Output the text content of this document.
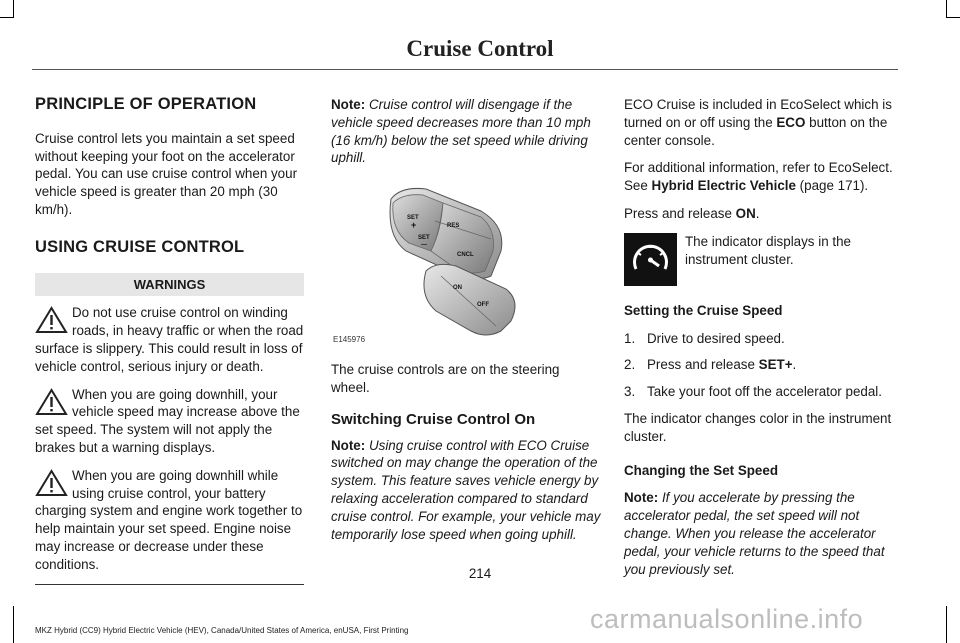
Cruise Control
PRINCIPLE OF OPERATION

Cruise control lets you maintain a set speed without keeping your foot on the accelerator pedal. You can use cruise control when your vehicle speed is greater than 20 mph (30 km/h).

USING CRUISE CONTROL
WARNINGS
Do not use cruise control on winding roads, in heavy traffic or when the road surface is slippery. This could result in loss of vehicle control, serious injury or death.
When you are going downhill, your vehicle speed may increase above the set speed. The system will not apply the brakes but a warning displays.
When you are going downhill while using cruise control, your battery charging system and engine work together to help maintain your set speed. Engine noise may increase or decrease under these conditions.

Note: Cruise control will disengage if the vehicle speed decreases more than 10 mph (16 km/h) below the set speed while driving uphill.

SET
+
SET
—
RES
CNCL
ON
OFF
E145976

The cruise controls are on the steering wheel.

Switching Cruise Control On

Note: Using cruise control with ECO Cruise switched on may change the operation of the system. This feature saves vehicle energy by relaxing acceleration compared to standard cruise control. For example, your vehicle may temporarily lose speed when going uphill.

ECO Cruise is included in EcoSelect which is turned on or off using the ECO button on the center console.

For additional information, refer to EcoSelect. See Hybrid Electric Vehicle (page 171).

Press and release ON.

The indicator displays in the instrument cluster.
Setting the Cruise Speed
1. Drive to desired speed.
2. Press and release SET+.
3. Take your foot off the accelerator pedal.

The indicator changes color in the instrument cluster.

Changing the Set Speed

Note: If you accelerate by pressing the accelerator pedal, the set speed will not change. When you release the accelerator pedal, your vehicle returns to the speed that you previously set.

214
carmanualsonline.info
MKZ Hybrid (CC9) Hybrid Electric Vehicle (HEV), Canada/United States of America, enUSA, First Printing
